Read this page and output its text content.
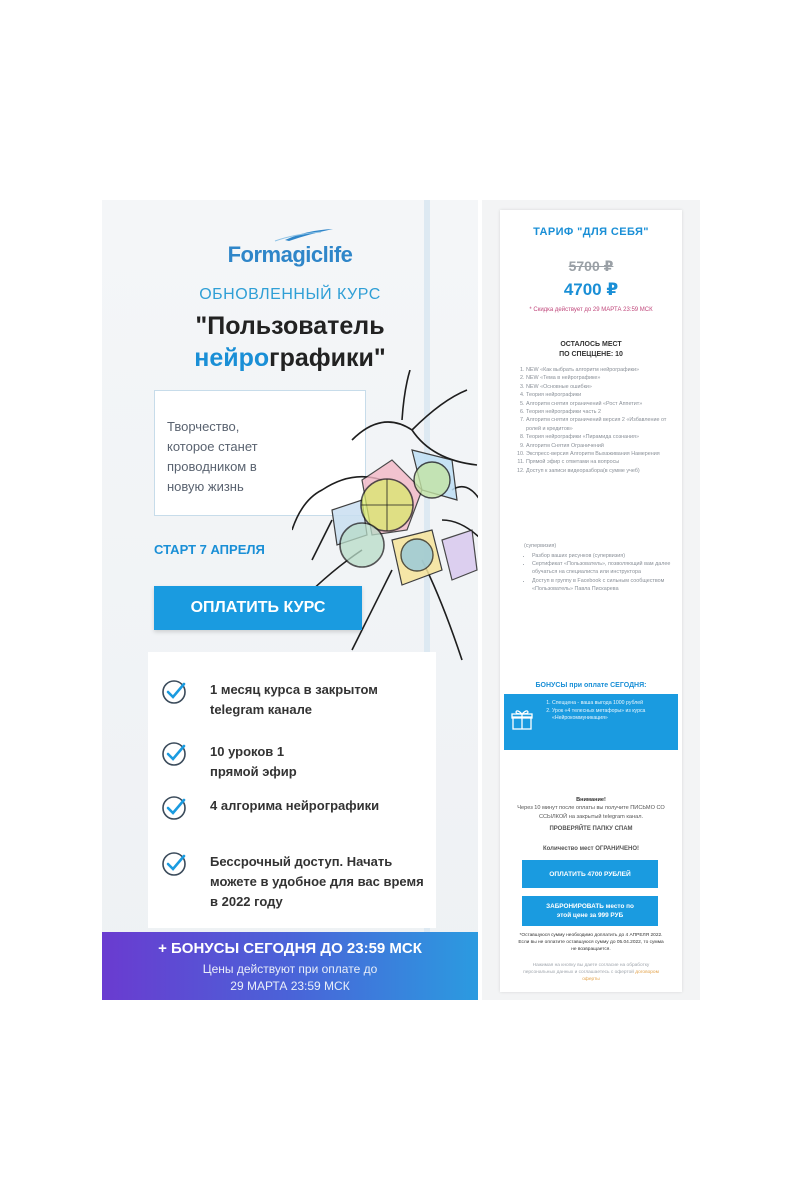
Formagiclife
ОБНОВЛЕННЫЙ КУРС
"Пользователь
нейрографики"

Творчество, которое станет проводником в новую жизнь

СТАРТ 7 АПРЕЛЯ
ОПЛАТИТЬ КУРС
1 месяц курса в закрытом telegram канале
10 уроков 1 прямой эфир
4 алгорима нейрографики
Бессрочный доступ. Начать можете в удобное для вас время в 2022 году
+ БОНУСЫ СЕГОДНЯ ДО 23:59 МСК
Цены действуют при оплате до
29 МАРТА 23:59 МСК
ТАРИФ "ДЛЯ СЕБЯ"
5700 ₽
4700 ₽
* Скидка действует до 29 МАРТА 23:59 МСК
ОСТАЛОСЬ МЕСТ
ПО СПЕЦЦЕНЕ: 10
1. NEW «Как выбрать алгоритм нейрографики»
2. NEW «Тема в нейрографике»
3. NEW «Основные ошибки»
4. Теория нейрографики
5. Алгоритм снятия ограничений «Рост Аппетит»
6. Теория нейрографики часть 2
7. Алгоритм снятия ограничений версия 2 «Избавление от ролей и кредитов»
8. Теория нейрографики «Пирамида сознания»
9. Алгоритм Снятия Ограничений
10. Экспресс-версия Алгоритм Выхаживания Намерения
11. Прямой эфир с ответами на вопросы
12. Доступ к записи видеоразбора(в сумме учеб)
(супервизия)
• Разбор ваших рисунков (супервизия)
• Сертификат «Пользователь», позволяющий вам далее обучаться на специалиста или инструктора
• Доступ в группу в Facebook с сильным сообществом «Пользователь» Павла Пискарева
БОНУСЫ при оплате СЕГОДНЯ:
1. Спецценa - ваша выгода 1000 рублей
2. Урок «4 телесных метафоры» из курса «Нейрокоммуникация»
Внимание!
Через 10 минут после оплаты вы получите ПИСЬМО СО ССЫЛКОЙ на закрытый telegram канал.
ПРОВЕРЯЙТЕ ПАПКУ СПАМ
Количество мест ОГРАНИЧЕНО!
ОПЛАТИТЬ 4700 РУБЛЕЙ
ЗАБРОНИРОВАТЬ место по
этой цене за 999 РУБ
*Оставшуюся сумму необходимо доплатить до 4 АПРЕЛЯ 2022. Если вы не оплатите оставшуюся сумму до 05.04.2022, то сумма не возвращается.
Нажимая на кнопку вы даете согласие на обработку персональных данных и соглашаетесь с офертой договором оферты
